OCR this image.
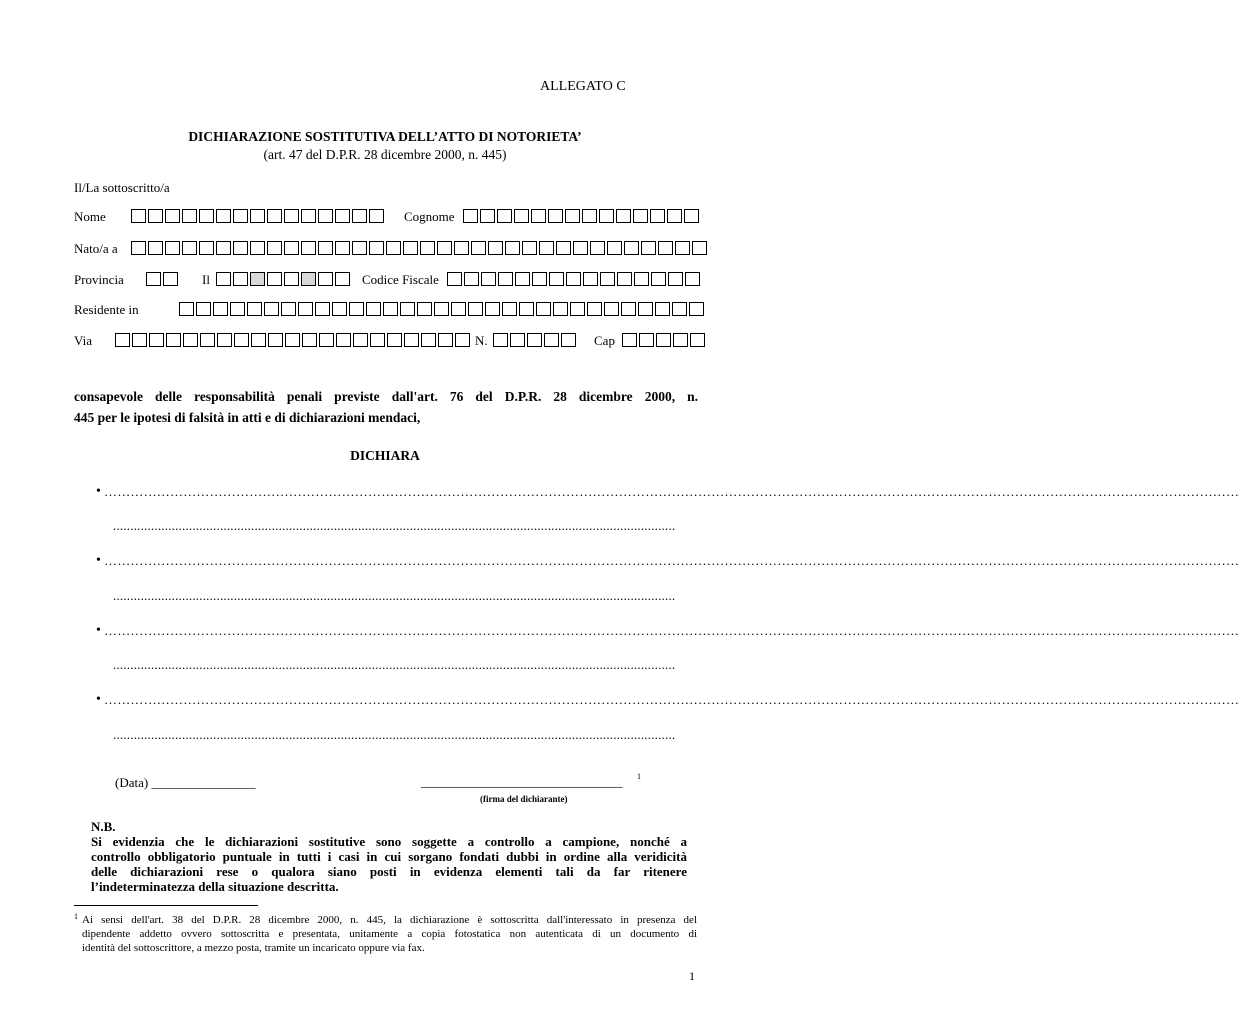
ALLEGATO C
DICHIARAZIONE SOSTITUTIVA DELL’ATTO DI NOTORIETA’
(art. 47 del D.P.R. 28 dicembre 2000, n. 445)
Il/La sottoscritto/a
Nome	Cognome
Nato/a a
Provincia	Il	Codice Fiscale
Residente in
Via	N.	Cap
consapevole delle responsabilità penali previste dall'art. 76 del D.P.R. 28 dicembre 2000, n.
445 per le ipotesi di falsità in atti e di dichiarazioni mendaci,
DICHIARA
• ……………………………………………………………………………………………………………………………………………………………………………………………………………………………………
...................................................................................................................................................................
• ……………………………………………………………………………………………………………………………………………………………………………………………………………………………………
...................................................................................................................................................................
• ……………………………………………………………………………………………………………………………………………………………………………………………………………………………………
...................................................................................................................................................................
• ……………………………………………………………………………………………………………………………………………………………………………………………………………………………………
...................................................................................................................................................................
(Data) ________________	_______________________________ 1
(firma del dichiarante)
N.B.
Si evidenzia che le dichiarazioni sostitutive sono soggette a controllo a campione, nonché a
controllo obbligatorio puntuale in tutti i casi in cui sorgano fondati dubbi in ordine alla veridicità
delle dichiarazioni rese o qualora siano posti in evidenza elementi tali da far ritenere
l’indeterminatezza della situazione descritta.
1 Ai sensi dell'art. 38 del D.P.R. 28 dicembre 2000, n. 445, la dichiarazione è sottoscritta dall'interessato in presenza del
dipendente addetto ovvero sottoscritta e presentata, unitamente a copia fotostatica non autenticata di un documento di
identità del sottoscrittore, a mezzo posta, tramite un incaricato oppure via fax.
1
